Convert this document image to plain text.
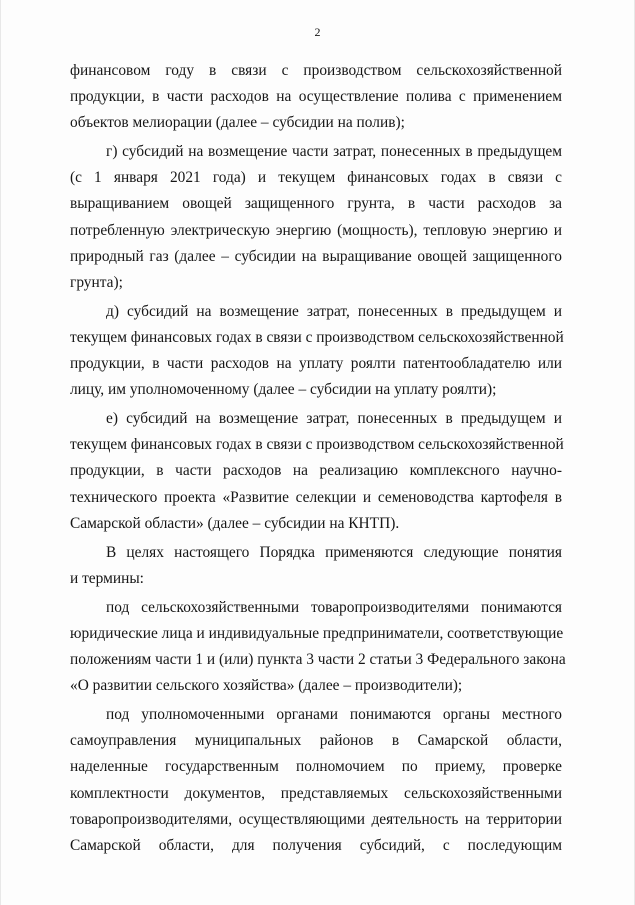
2
финансовом году в связи с производством сельскохозяйственной
продукции, в части расходов на осуществление полива с применением
объектов мелиорации (далее – субсидии на полив);
г) субсидий на возмещение части затрат, понесенных в предыдущем
(с 1 января 2021 года) и текущем финансовых годах в связи с
выращиванием овощей защищенного грунта, в части расходов за
потребленную электрическую энергию (мощность), тепловую энергию и
природный газ (далее – субсидии на выращивание овощей защищенного
грунта);
д) субсидий на возмещение затрат, понесенных в предыдущем и
текущем финансовых годах в связи с производством сельскохозяйственной
продукции, в части расходов на уплату роялти патентообладателю или
лицу, им уполномоченному (далее – субсидии на уплату роялти);
е) субсидий на возмещение затрат, понесенных в предыдущем и
текущем финансовых годах в связи с производством сельскохозяйственной
продукции, в части расходов на реализацию комплексного научно-
технического проекта «Развитие селекции и семеноводства картофеля в
Самарской области» (далее – субсидии на КНТП).
В целях настоящего Порядка применяются следующие понятия
и термины:
под сельскохозяйственными товаропроизводителями понимаются
юридические лица и индивидуальные предприниматели, соответствующие
положениям части 1 и (или) пункта 3 части 2 статьи 3 Федерального закона
«О развитии сельского хозяйства» (далее – производители);
под уполномоченными органами понимаются органы местного
самоуправления муниципальных районов в Самарской области,
наделенные государственным полномочием по приему, проверке
комплектности документов, представляемых сельскохозяйственными
товаропроизводителями, осуществляющими деятельность на территории
Самарской области, для получения субсидий, с последующим
